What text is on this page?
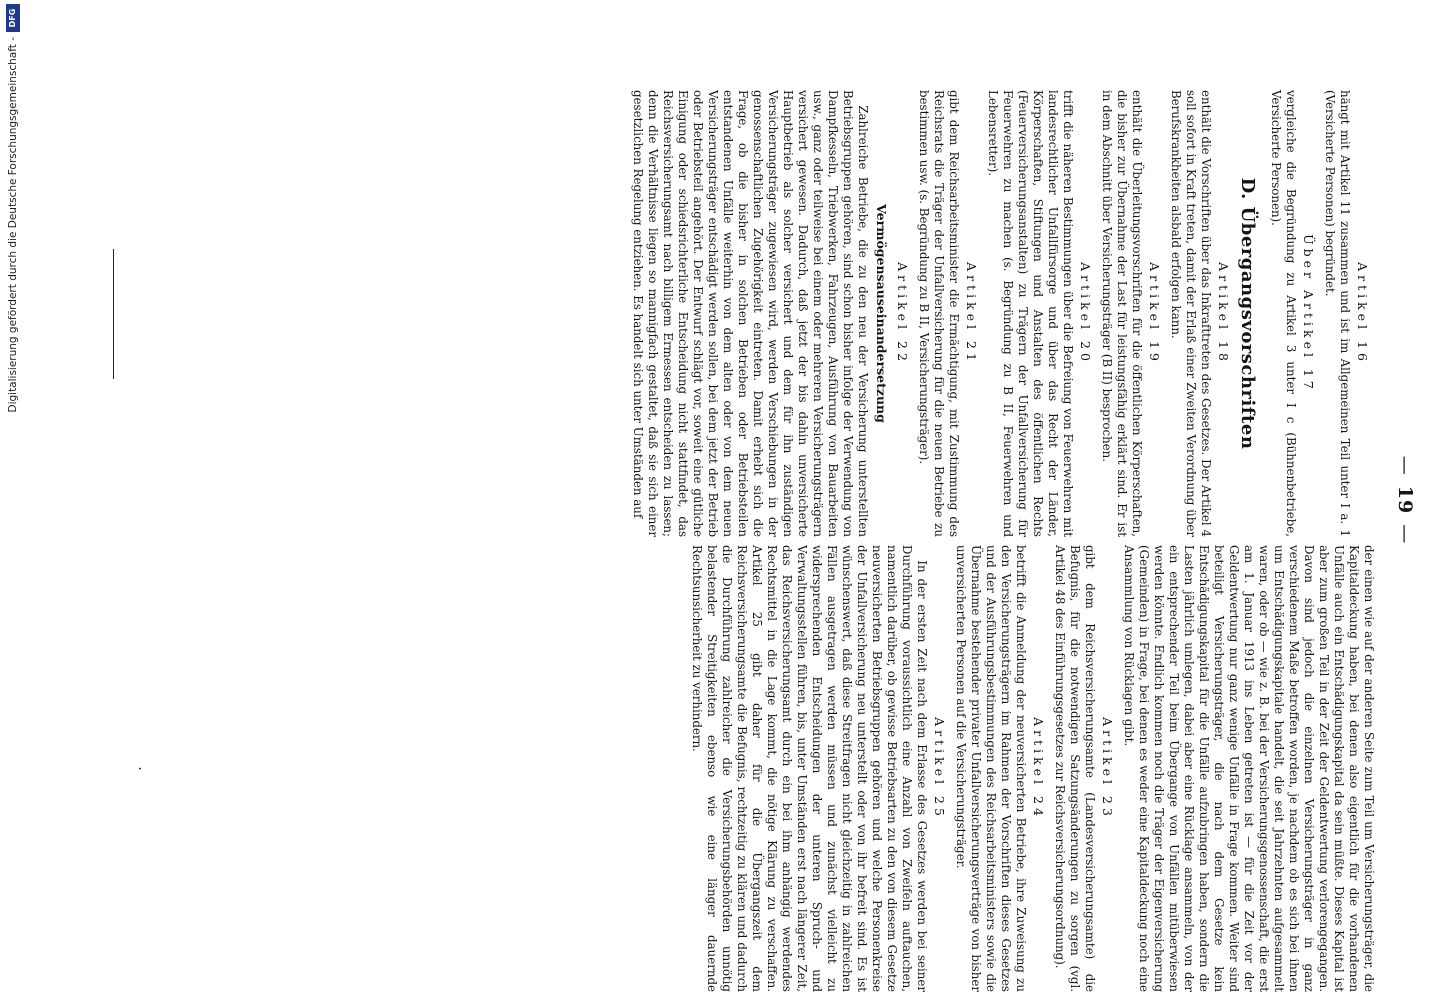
—19—
Artikel 16

hängt mit Artikel 11 zusammen und ist im Allgemeinen Teil unter I a. 1 (Versicherte Personen) begründet.

Über Artikel 17

vergleiche die Begründung zu Artikel 3 unter I c (Bühnenbetriebe, Versicherte Personen).

D. Übergangsvorschriften
Artikel 18

enthält die Vorschriften über das Inkrafttreten des Gesetzes. Der Artikel 4 soll sofort in Kraft treten, damit der Erlaß einer Zweiten Verordnung über Berufskrankheiten alsbald erfolgen kann.

Artikel 19

enthält die Überleitungsvorschriften für die öffentlichen Körperschaften, die bisher zur Übernahme der Last für leistungsfähig erklärt sind. Er ist in dem Abschnitt über Versicherungsträger (B II) besprochen.

Artikel 20

trifft die näheren Bestimmungen über die Befreiung von Feuerwehren mit landesrechtlicher Unfallfürsorge und über das Recht der Länder, Körperschaften, Stiftungen und Anstalten des öffentlichen Rechts (Feuerversicherungsanstalten) zu Trägern der Unfallversicherung für Feuerwehren zu machen (s. Begründung zu B II, Feuerwehren und Lebensretter).

Artikel 21

gibt dem Reichsarbeitsminister die Ermächtigung, mit Zustimmung des Reichsrats die Träger der Unfallversicherung für die neuen Betriebe zu bestimmen usw. (s. Begründung zu B II, Versicherungsträger).

Artikel 22
Vermögensauseinandersetzung

Zahlreiche Betriebe, die zu den neu der Versicherung unterstellten Betriebsgruppen gehören, sind schon bisher infolge der Verwendung von Dampfkesseln, Triebwerken, Fahrzeugen, Ausführung von Bauarbeiten usw., ganz oder teilweise bei einem oder mehreren Versicherungsträgern versichert gewesen. Dadurch, daß jetzt der bis dahin unversicherte Hauptbetrieb als solcher versichert und dem für ihn zuständigen Versicherungsträger zugewiesen wird, werden Verschiebungen in der genossenschaftlichen Zugehörigkeit eintreten. Damit erhebt sich die Frage, ob die bisher in solchen Betrieben oder Betriebsteilen entstandenen Unfälle weiterhin von dem alten oder von dem neuen Versicherungsträger entschädigt werden sollen, bei dem jetzt der Betrieb oder Betriebsteil angehört. Der Entwurf schlägt vor, soweit eine gütliche Einigung oder schiedsrichterliche Entscheidung nicht stattfindet, das Reichsversicherungsamt nach billigem Ermessen entscheiden zu lassen; denn die Verhältnisse liegen so mannigfach gestaltet, daß sie sich einer gesetzlichen Regelung entziehen. Es handelt sich unter Umständen auf

der einen wie auf der anderen Seite zum Teil um Versicherungsträger, die Kapitaldeckung haben, bei denen also eigentlich für die vorhandenen Unfälle auch ein Entschädigungskapital da sein müßte. Dieses Kapital ist aber zum großen Teil in der Zeit der Geldentwertung verlorengegangen. Davon sind jedoch die einzelnen Versicherungsträger in ganz verschiedenem Maße betroffen worden, je nachdem ob es sich bei ihnen um Entschädigungskapitale handelt, die seit Jahrzehnten aufgesammelt waren, oder ob — wie z. B. bei der Versicherungsgenossenschaft, die erst am 1. Januar 1913 ins Leben getreten ist — für die Zeit vor der Geldentwertung nur ganz wenige Unfälle in Frage kommen. Weiter sind beteiligt Versicherungsträger, die nach dem Gesetze kein Entschädigungskapital für die Unfälle aufzubringen haben, sondern die Lasten jährlich umlegen, dabei aber eine Rücklage ansammeln, von der ein entsprechender Teil beim Übergange von Unfällen mitüberwiesen werden könnte. Endlich kommen noch die Träger der Eigenversicherung (Gemeinden) in Frage, bei denen es weder eine Kapitaldeckung noch eine Ansammlung von Rücklagen gibt.

Artikel 23

gibt dem Reichsversicherungsamte (Landesversicherungsamte) die Befugnis, für die notwendigen Satzungsänderungen zu sorgen (vgl. Artikel 48 des Einführungsgesetzes zur Reichsversicherungsordnung).

Artikel 24

betrifft die Anmeldung der neuversicherten Betriebe, ihre Zuweisung zu den Versicherungsträgern im Rahmen der Vorschriften dieses Gesetzes und der Ausführungsbestimmungen des Reichsarbeitsministers sowie die Übernahme bestehender privater Unfallversicherungsverträge von bisher unversicherten Personen auf die Versicherungsträger.

Artikel 25

In der ersten Zeit nach dem Erlasse des Gesetzes werden bei seiner Durchführung voraussichtlich eine Anzahl von Zweifeln auftauchen, namentlich darüber, ob gewisse Betriebsarten zu den von diesem Gesetze neuversicherten Betriebsgruppen gehören und welche Personenkreise der Unfallversicherung neu unterstellt oder von ihr befreit sind. Es ist wünschenswert, daß diese Streitfragen nicht gleichzeitig in zahlreichen Fällen ausgetragen werden müssen und zunächst vielleicht zu widersprechenden Entscheidungen der unteren Spruch- und Verwaltungsstellen führen, bis, unter Umständen erst nach längerer Zeit, das Reichsversicherungsamt durch ein bei ihm anhängig werdendes Rechtsmittel in die Lage kommt, die nötige Klärung zu verschaffen. Artikel 25 gibt daher für die Übergangszeit dem Reichsversicherungsamte die Befugnis, rechtzeitig zu klären und dadurch die Durchführung zahlreicher die Versicherungsbehörden unnötig belastender Streitigkeiten ebenso wie eine länger dauernde Rechtsunsicherheit zu verhindern.

.
Digitalisierung gefördert durch die Deutsche Forschungsgemeinschaft -
DFG
